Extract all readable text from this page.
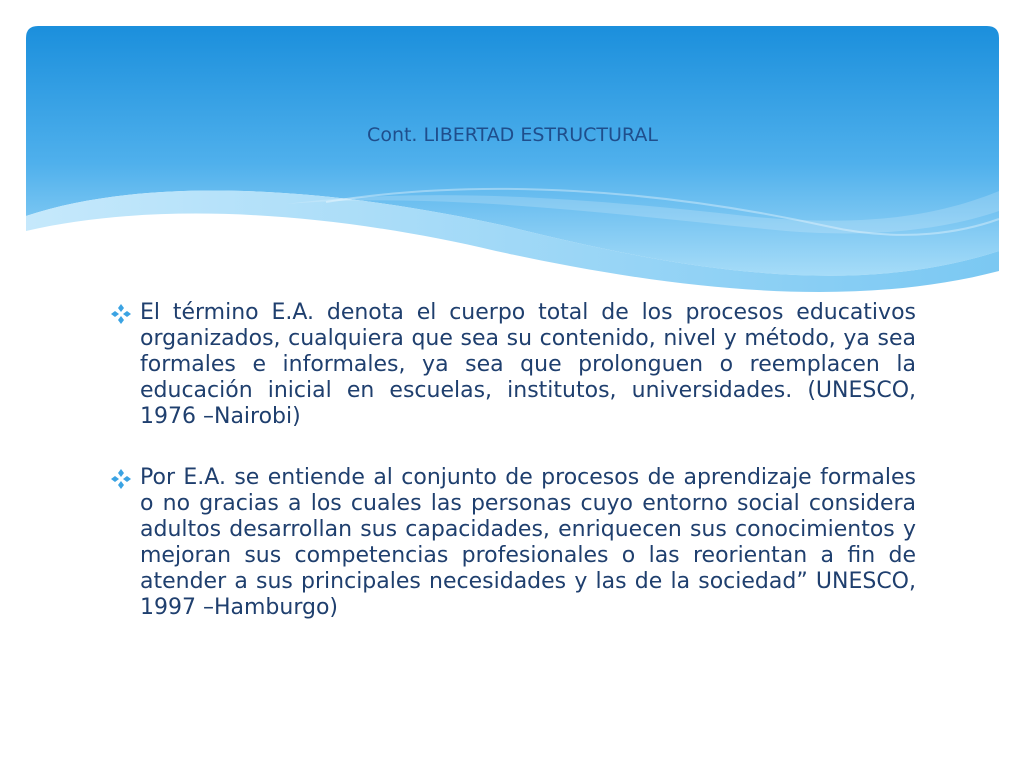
Cont. LIBERTAD ESTRUCTURAL
El término E.A. denota el cuerpo total de los procesos educativos organizados, cualquiera que sea su contenido, nivel y método, ya sea formales e informales, ya sea que prolonguen o reemplacen la educación inicial en escuelas, institutos, universidades. (UNESCO, 1976 –Nairobi)
Por E.A. se entiende al conjunto de procesos de aprendizaje formales o no gracias a los cuales las personas cuyo entorno social considera adultos desarrollan sus capacidades, enriquecen sus conocimientos y mejoran sus competencias profesionales o las reorientan a fin de atender a sus principales necesidades y las de la sociedad” UNESCO, 1997 –Hamburgo)
